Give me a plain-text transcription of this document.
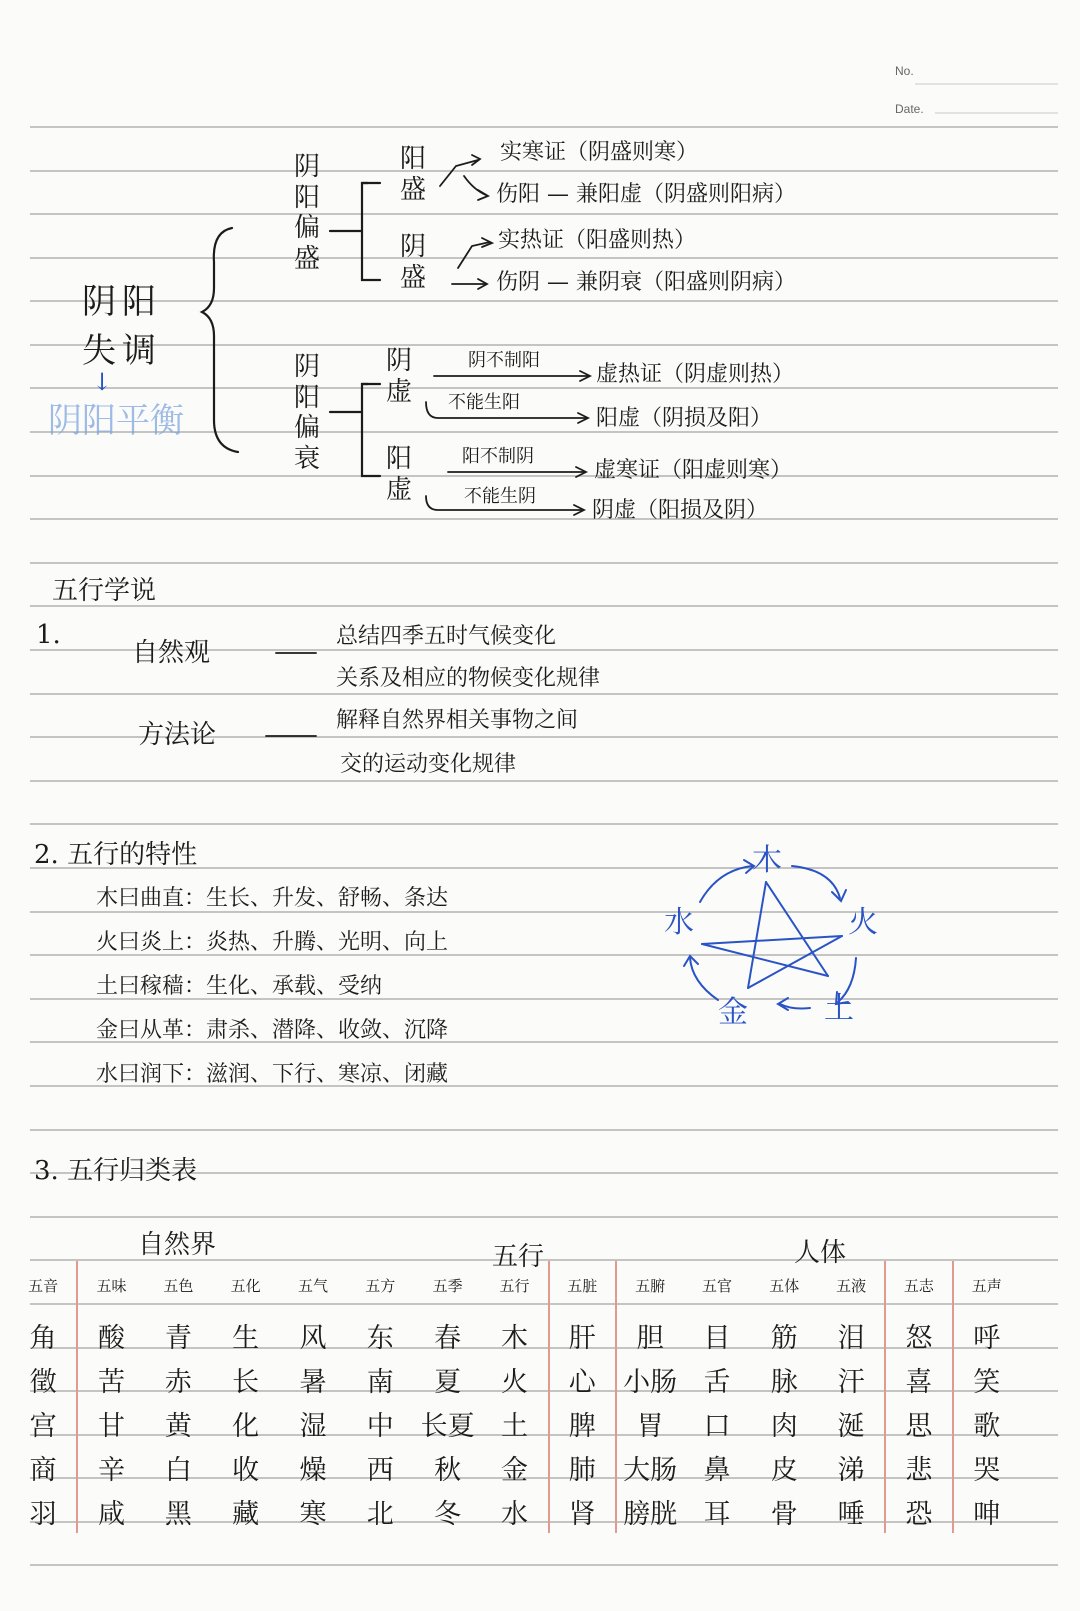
No.
Date.
阴阳失调
↓
阴阳平衡
阴阳偏盛
阳盛
实寒证（阴盛则寒）
伤阳 — 兼阳虚（阴盛则阳病）
阴盛
实热证（阳盛则热）
伤阴 — 兼阴衰（阳盛则阴病）
阴阳偏衰
阴虚
阴不制阳
虚热证（阴虚则热）
不能生阳
阳虚（阴损及阳）
阳虚
阳不制阴
虚寒证（阳虚则寒）
不能生阴
阴虚（阳损及阴）
五行学说
1.
自然观
总结四季五时气候变化
关系及相应的物候变化规律
方法论	解释自然界相关事物之间
交的运动变化规律
2. 五行的特性
木曰曲直：生长、升发、舒畅、条达
火曰炎上：炎热、升腾、光明、向上
土曰稼穑：生化、承载、受纳
金曰从革：肃杀、潜降、收敛、沉降
水曰润下：滋润、下行、寒凉、闭藏
木
火
土
金
水
3. 五行归类表
自然界	五行	人体
五音	五味	五色	五化	五气	五方	五季	五行	五脏	五腑	五官	五体	五液	五志	五声
角	酸	青	生	风	东	春	木	肝	胆	目	筋	泪	怒	呼
徵	苦	赤	长	暑	南	夏	火	心	小肠	舌	脉	汗	喜	笑
宫	甘	黄	化	湿	中	长夏	土	脾	胃	口	肉	涎	思	歌
商	辛	白	收	燥	西	秋	金	肺	大肠	鼻	皮	涕	悲	哭
羽	咸	黑	藏	寒	北	冬	水	肾	膀胱	耳	骨	唾	恐	呻
